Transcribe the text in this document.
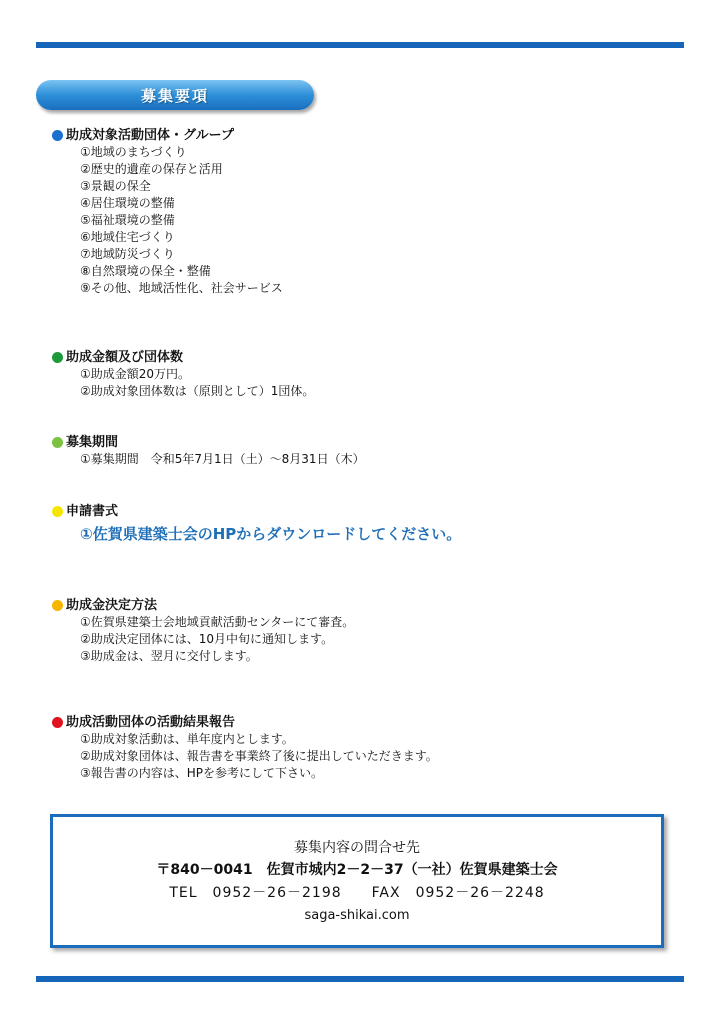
募集要項
助成対象活動団体・グループ
①地域のまちづくり
②歴史的遺産の保存と活用
③景観の保全
④居住環境の整備
⑤福祉環境の整備
⑥地域住宅づくり
⑦地域防災づくり
⑧自然環境の保全・整備
⑨その他、地域活性化、社会サービス
助成金額及び団体数
①助成金額20万円。
②助成対象団体数は（原則として）1団体。
募集期間
①募集期間　令和5年7月1日（土）～8月31日（木）
申請書式
①佐賀県建築士会のHPからダウンロードしてください。
助成金決定方法
①佐賀県建築士会地域貢献活動センターにて審査。
②助成決定団体には、10月中旬に通知します。
③助成金は、翌月に交付します。
助成活動団体の活動結果報告
①助成対象活動は、単年度内とします。
②助成対象団体は、報告書を事業終了後に提出していただきます。
③報告書の内容は、HPを参考にして下さい。
募集内容の問合せ先
〒840－0041　佐賀市城内2－2－37（一社）佐賀県建築士会
TEL　0952－26－2198　　FAX　0952－26－2248
saga-shikai.com
